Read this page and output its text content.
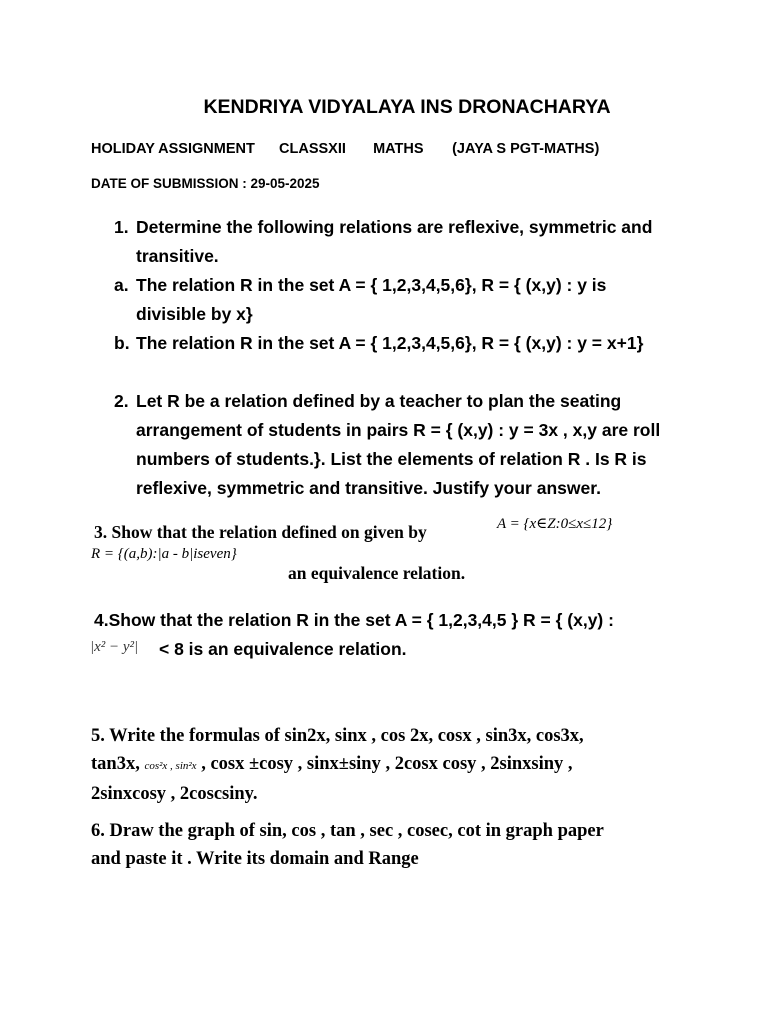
KENDRIYA VIDYALAYA INS DRONACHARYA
HOLIDAY ASSIGNMENT CLASSXII MATHS (JAYA S PGT-MATHS)
DATE OF SUBMISSION : 29-05-2025
1. Determine the following relations are reflexive, symmetric and
transitive.
a. The relation R in the set A = { 1,2,3,4,5,6}, R = { (x,y) : y is
divisible by x}
b. The relation R in the set A = { 1,2,3,4,5,6}, R = { (x,y) : y = x+1}
2. Let R be a relation defined by a teacher to plan the seating
arrangement of students in pairs R = { (x,y) : y = 3x , x,y are roll
numbers of students.}. List the elements of relation R . Is R is
reflexive, symmetric and transitive. Justify your answer.
3. Show that the relation defined on given by	A = {x∈Z:0≤x≤12}
R = {(a,b):|a - b|iseven}
an equivalence relation.
4.Show that the relation R in the set A = { 1,2,3,4,5 } R = { (x,y) :
|x² − y²| < 8 is an equivalence relation.
5. Write the formulas of sin2x, sinx , cos 2x, cosx , sin3x, cos3x,
tan3x, cos²x , sin²x , cosx ±cosy , sinx±siny , 2cosx cosy , 2sinxsiny ,
2sinxcosy , 2coscsiny.
6. Draw the graph of sin, cos , tan , sec , cosec, cot in graph paper
and paste it . Write its domain and Range
